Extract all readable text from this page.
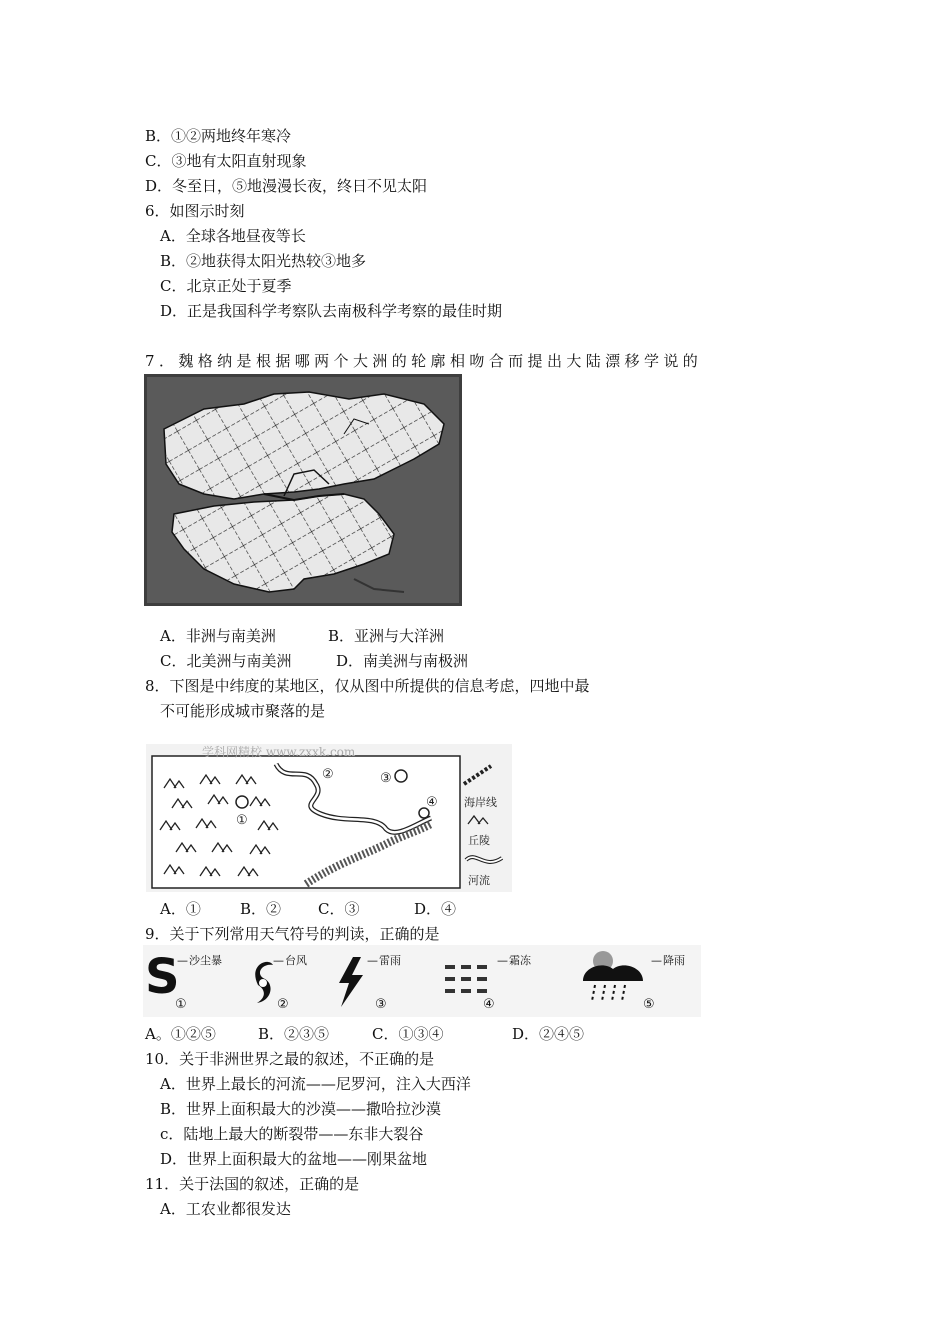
B．①②两地终年寒冷
C．③地有太阳直射现象
D．冬至日，⑤地漫漫长夜，终日不见太阳
6．如图示时刻
A．全球各地昼夜等长
B．②地获得太阳光热较③地多
C．北京正处于夏季
D．正是我国科学考察队去南极科学考察的最佳时期
7．魏格纳是根据哪两个大洲的轮廓相吻合而提出大陆漂移学说的
A．非洲与南美洲	B．亚洲与大洋洲
C．北美洲与南美洲	D．南美洲与南极洲
8．下图是中纬度的某地区，仅从图中所提供的信息考虑，四地中最
不可能形成城市聚落的是
①
②	③
④
学科网精校 www.zxxk.com
海岸线
丘陵
河流
A．①	B．② C．③	D．④
9．关于下列常用天气符号的判读，正确的是
S
— 沙尘暴	— 台风	— 雷雨	— 霜冻	— 降雨
①	②	③	④	⑤
A。①②⑤	B．②③⑤	C．①③④	D．②④⑤
10．关于非洲世界之最的叙述，不正确的是
A．世界上最长的河流——尼罗河，注入大西洋
B．世界上面积最大的沙漠——撒哈拉沙漠
c．陆地上最大的断裂带——东非大裂谷
D．世界上面积最大的盆地——刚果盆地
11．关于法国的叙述，正确的是
A．工农业都很发达
